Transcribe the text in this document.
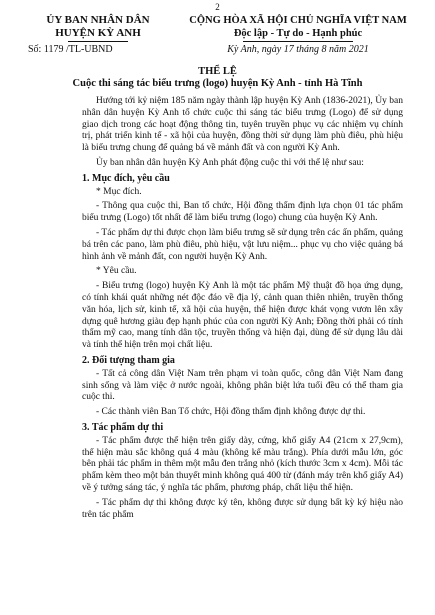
2
ỦY BAN NHÂN DÂN
HUYỆN KỲ ANH
CỘNG HÒA XÃ HỘI CHỦ NGHĨA VIỆT NAM
Độc lập - Tự do - Hạnh phúc
Số: 1179 /TL-UBND	Kỳ Anh, ngày 17 tháng 8 năm 2021
THỂ LỆ
Cuộc thi sáng tác biểu trưng (logo) huyện Kỳ Anh - tỉnh Hà Tĩnh

Hướng tới kỷ niệm 185 năm ngày thành lập huyện Kỳ Anh (1836-2021), Ủy ban nhân dân huyện Kỳ Anh tổ chức cuộc thi sáng tác biểu trưng (Logo) để sử dụng giao dịch trong các hoạt động thông tin, tuyên truyền phục vụ các nhiệm vụ chính trị, phát triển kinh tế - xã hội của huyện, đồng thời sử dụng làm phù điêu, phù hiệu là biểu trưng chung để quảng bá về mảnh đất và con người Kỳ Anh.

Ủy ban nhân dân huyện Kỳ Anh phát động cuộc thi với thể lệ như sau:

1. Mục đích, yêu cầu

* Mục đích.

- Thông qua cuộc thi, Ban tổ chức, Hội đồng thẩm định lựa chọn 01 tác phẩm biểu trưng (Logo) tốt nhất để làm biểu trưng (logo) chung của huyện Kỳ Anh.

- Tác phẩm dự thi được chọn làm biểu trưng sẽ sử dụng trên các ấn phẩm, quảng bá trên các pano, làm phù điêu, phù hiệu, vật lưu niệm... phục vụ cho việc quảng bá hình ảnh về mảnh đất, con người huyện Kỳ Anh.

* Yêu cầu.

- Biểu trưng (logo) huyện Kỳ Anh là một tác phẩm Mỹ thuật đồ họa ứng dụng, có tính khái quát những nét độc đáo về địa lý, cảnh quan thiên nhiên, truyền thống văn hóa, lịch sử, kinh tế, xã hội của huyện, thể hiện được khát vọng vươn lên xây dựng quê hương giàu đẹp hạnh phúc của con người Kỳ Anh; Đồng thời phải có tính thẩm mỹ cao, mang tính dân tộc, truyền thống và hiện đại, dùng để sử dụng lâu dài và tính thể hiện trên mọi chất liệu.

2. Đối tượng tham gia

- Tất cả công dân Việt Nam trên phạm vi toàn quốc, công dân Việt Nam đang sinh sống và làm việc ở nước ngoài, không phân biệt lứa tuổi đều có thể tham gia cuộc thi.

- Các thành viên Ban Tổ chức, Hội đồng thẩm định không được dự thi.

3. Tác phẩm dự thi

- Tác phẩm được thể hiện trên giấy dày, cứng, khổ giấy A4 (21cm x 27,9cm), thể hiện màu sắc không quá 4 màu (không kể màu trắng). Phía dưới mẫu lớn, góc bên phải tác phẩm in thêm một mẫu đen trắng nhỏ (kích thước 3cm x 4cm). Mỗi tác phẩm kèm theo một bản thuyết minh không quá 400 từ (đánh máy trên khổ giấy A4) về ý tưởng sáng tác, ý nghĩa tác phẩm, phương pháp, chất liệu thể hiện.

- Tác phẩm dự thi không được ký tên, không được sử dụng bất kỳ ký hiệu nào trên tác phẩm
